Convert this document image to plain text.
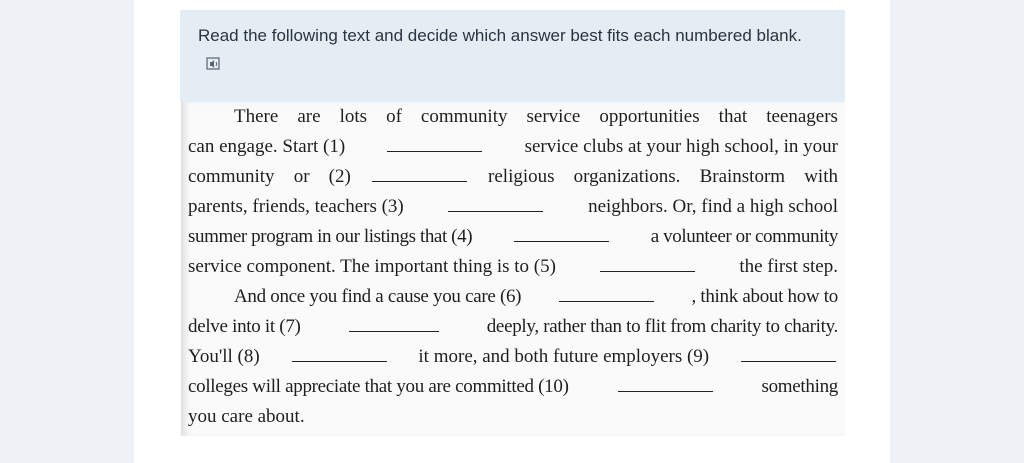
Read the following text and decide which answer best fits each numbered blank.
There are lots of community service opportunities that teenagers
can engage. Start (1)	service clubs at your high school, in your
community or (2)	religious organizations. Brainstorm with
parents, friends, teachers (3)	neighbors. Or, find a high school
summer program in our listings that (4)	a volunteer or community
service component. The important thing is to (5)	the first step.
And once you find a cause you care (6)	, think about how to
delve into it (7)	deeply, rather than to flit from charity to charity.
You'll (8)	it more, and both future employers (9)
colleges will appreciate that you are committed (10)	something
you care about.
